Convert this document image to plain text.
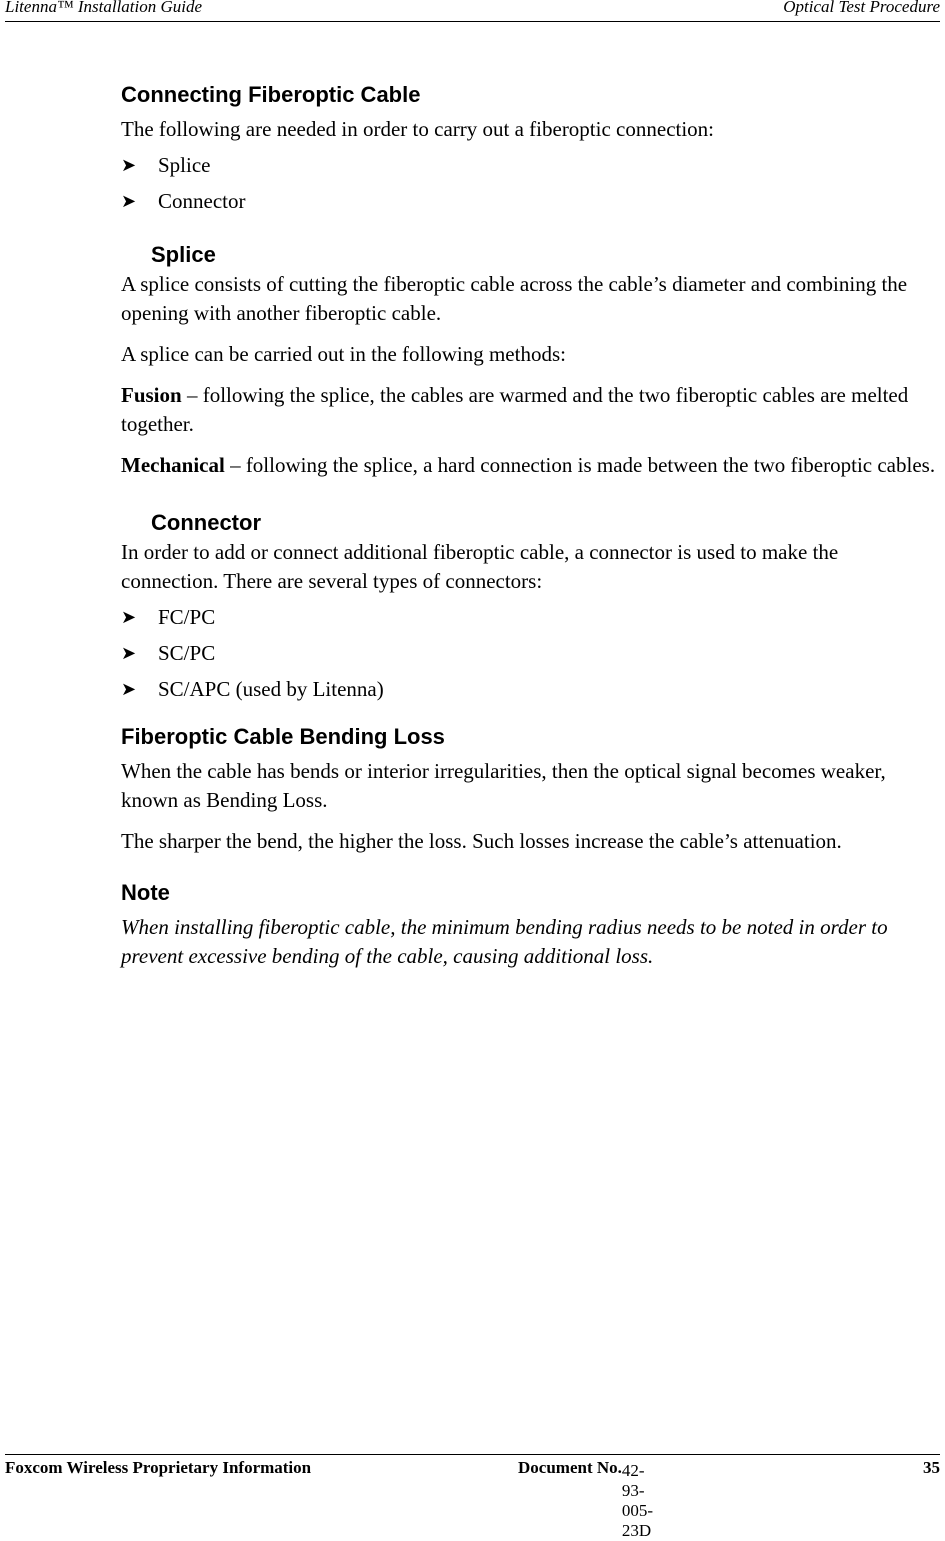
Litenna™ Installation Guide	Optical Test Procedure
Connecting Fiberoptic Cable

The following are needed in order to carry out a fiberoptic connection:

➤	Splice
➤	Connector
Splice

A splice consists of cutting the fiberoptic cable across the cable’s diameter and combining the opening with another fiberoptic cable.

A splice can be carried out in the following methods:

Fusion – following the splice, the cables are warmed and the two fiberoptic cables are melted together.

Mechanical – following the splice, a hard connection is made between the two fiberoptic cables.

Connector

In order to add or connect additional fiberoptic cable, a connector is used to make the connection. There are several types of connectors:

➤	FC/PC
➤	SC/PC
➤	SC/APC (used by Litenna)
Fiberoptic Cable Bending Loss

When the cable has bends or interior irregularities, then the optical signal becomes weaker, known as Bending Loss.

The sharper the bend, the higher the loss. Such losses increase the cable’s attenuation.

Note

When installing fiberoptic cable, the minimum bending radius needs to be noted in order to prevent excessive bending of the cable, causing additional loss.

Foxcom Wireless Proprietary Information	Document No. 42-93-005-23D
35
